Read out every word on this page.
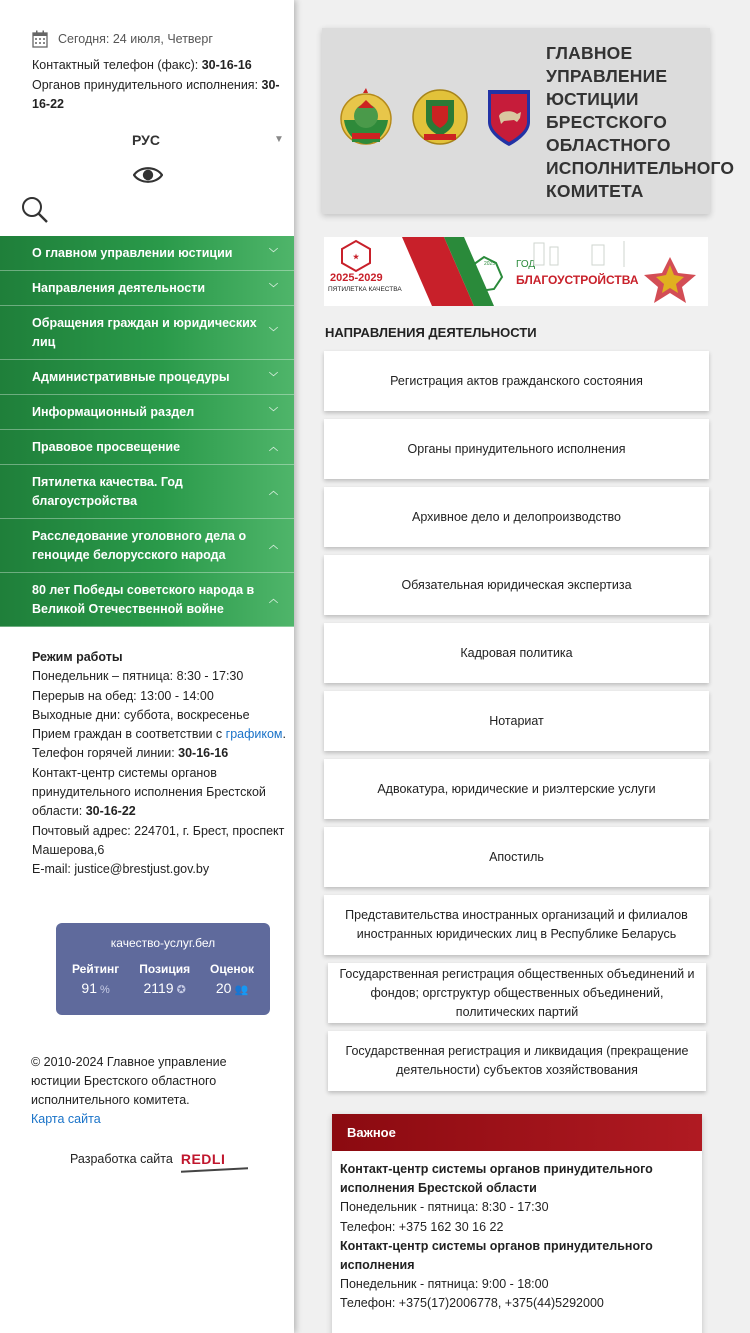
Сегодня: 24 июля, Четверг
Контактный телефон (факс): 30-16-16
Органов принудительного исполнения: 30-16-22
РУС	▼
О главном управлении юстиции	﹀
Направления деятельности	﹀
Обращения граждан и юридических лиц
﹀
Административные процедуры	﹀
Информационный раздел	﹀
Правовое просвещение	︿
Пятилетка качества. Год благоустройства
︿
Расследование уголовного дела о геноциде белорусского народа
︿
80 лет Победы советского народа в Великой Отечественной войне
︿
Режим работы
Понедельник – пятница: 8:30 - 17:30
Перерыв на обед: 13:00 - 14:00
Выходные дни: суббота, воскресенье
Прием граждан в соответствии с графиком.
Телефон горячей линии: 30-16-16
Контакт-центр системы органов принудительного исполнения Брестской области: 30-16-22
Почтовый адрес: 224701, г. Брест, проспект Машерова,6
E-mail: justice@brestjust.gov.by
качество-услуг.бел
Рейтинг
91 %
Позиция
2119 ✪
Оценок
20 👥
© 2010-2024 Главное управление юстиции Брестского областного исполнительного комитета.
Карта сайта
Разработка сайта REDLI
ГЛАВНОЕ УПРАВЛЕНИЕ ЮСТИЦИИ БРЕСТСКОГО ОБЛАСТНОГО ИСПОЛНИТЕЛЬНОГО КОМИТЕТА
★
2025-2029
ПЯТИЛЕТКА КАЧЕСТВА
2025 ГОД
БЛАГОУСТРОЙСТВА
НАПРАВЛЕНИЯ ДЕЯТЕЛЬНОСТИ
Регистрация актов гражданского состояния
Органы принудительного исполнения
Архивное дело и делопроизводство
Обязательная юридическая экспертиза
Кадровая политика
Нотариат
Адвокатура, юридические и риэлтерские услуги
Апостиль
Представительства иностранных организаций и филиалов иностранных юридических лиц в Республике Беларусь
Государственная регистрация общественных объединений и фондов; оргструктур общественных объединений, политических партий
Государственная регистрация и ликвидация (прекращение деятельности) субъектов хозяйствования
Важное
Контакт-центр системы органов принудительного исполнения Брестской области
Понедельник - пятница: 8:30 - 17:30
Телефон: +375 162 30 16 22
Контакт-центр системы органов принудительного исполнения
Понедельник - пятница: 9:00 - 18:00
Телефон: +375(17)2006778, +375(44)5292000
